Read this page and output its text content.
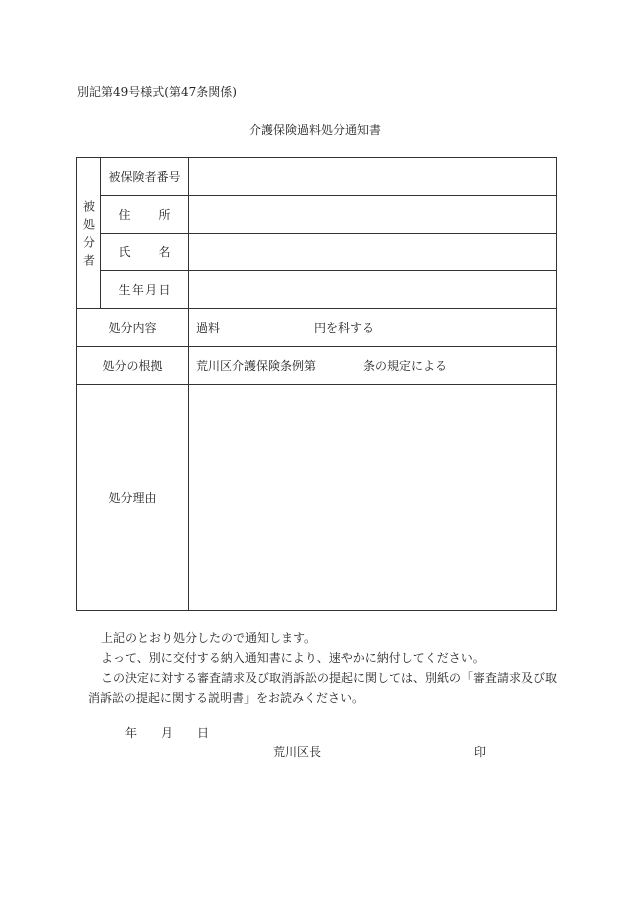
別記第49号様式(第47条関係)
介護保険過料処分通知書
被処分者	被保険者番号	

	住 所	

	氏 名	

	生 年 月 日	

処分内容		過料 円を科する

処分の根拠		荒川区介護保険条例第 条の規定による

処分理由		

上記のとおり処分したので通知します。

よって、別に交付する納入通知書により、速やかに納付してください。

この決定に対する審査請求及び取消訴訟の提起に関しては、別紙の「審査請求及び取
消訴訟の提起に関する説明書」をお読みください。

年　　月　　日
荒川区長	印
